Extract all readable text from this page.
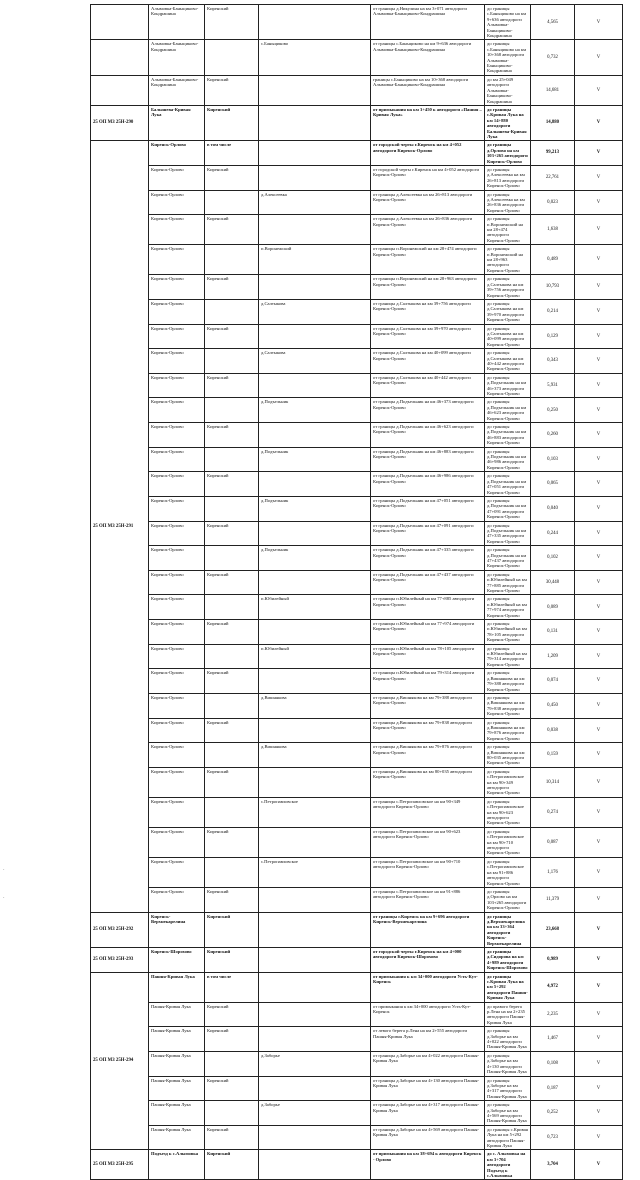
·
·
	Алымовка-Баньщиково-Кондрашина	Киренский		от границы д.Никулина на км 3+071 автодороги Алымовка-Баньщиково-Кондрашина	до границы с.Баньщиково на км 9+636 автодороги Алымовка-Баньщиково-Кондрашина	4,565	V	
	Алымовка-Баньщиково-Кондрашина		с.Баньщиково	от границы с.Баньщиково на км 9+636 автодороги Алымовка-Баньщиково-Кондрашина	до границы с.Баньщиково на км 10+368 автодороги Алымовка-Баньщиково-Кондрашина	0,732	V	
	Алымовка-Баньщиково-Кондрашина	Киренский		границы с.Баньщиково на км 10+368 автодороги Алымовка-Баньщиково-Кондрашина	до км 25+049 автодороги Алымовка-Баньщиково-Кондрашина	14,681	V	
25 ОП МЗ 25Н-290	Балышева-Кривая Лука	Киренский		от примыкания на км 3+450 к автодороги «Пашня – Кривая Лука»	до границы с.Кривая Лука на км 14+880 автодороги Балышева-Кривая Лука	14,880	V	
25 ОП МЗ 25Н-291	Киренск-Орлово	в том числе		от городской черты г.Киренск на км 4+052 автодороги Киренск-Орлово	до границы д.Орлово на км 103+265 автодороги Киренск-Орлово	99,213	V	
	Киренск-Орлово	Киренский		от городской черты г.Киренск на км 4+052 автодороги Киренск-Орлово	до границы д.Алексеевка на км 26+813 автодороги Киренск-Орлово	22,761	V	
	Киренск-Орлово		д.Алексеевка	от границы д.Алексеевка на км 26+813 автодороги Киренск-Орлово	до границы д.Алексеевка на км 26+836 автодороги Киренск-Орлово	0,023	V	
	Киренск-Орлово	Киренский		от границы д.Алексеевка на км 26+836 автодороги Киренск-Орлово	до границы п.Воронежский на км 28+474 автодороги Киренск-Орлово	1,638	V	
	Киренск-Орлово		п.Воронежский	от границы п.Воронежский на км 28+474 автодороги Киренск-Орлово	до границы п.Воронежский на км 28+963 автодороги Киренск-Орлово	0,489	V	
	Киренск-Орлово	Киренский		от границы п.Воронежский на км 28+963 автодороги Киренск-Орлово	до границы д.Салтыкова на км 39+756 автодороги Киренск-Орлово	10,793	V	
	Киренск-Орлово		д.Салтыкова	от границы д.Салтыкова на км 39+756 автодороги Киренск-Орлово	до границы д.Салтыкова на км 39+970 автодороги Киренск-Орлово	0,214	V	
	Киренск-Орлово	Киренский		от границы д.Салтыкова на км 39+970 автодороги Киренск-Орлово	до границы д.Салтыкова на км 40+099 автодороги Киренск-Орлово	0,129	V	
	Киренск-Орлово		д.Салтыкова	от границы д.Салтыкова на км 40+099 автодороги Киренск-Орлово	до границы д.Салтыкова на км 40+442 автодороги Киренск-Орлово	0,343	V	
	Киренск-Орлово	Киренский		от границы д.Салтыкова на км 40+442 автодороги Киренск-Орлово	до границы д.Подъельник на км 46+373 автодороги Киренск-Орлово	5,931	V	
	Киренск-Орлово		д.Подъельник	от границы д.Подъельник на км 46+373 автодороги Киренск-Орлово	до границы д.Подъельник на км 46+623 автодороги Киренск-Орлово	0,250	V	
	Киренск-Орлово	Киренский		от границы д.Подъельник на км 46+623 автодороги Киренск-Орлово	до границы д.Подъельник на км 46+883 автодороги Киренск-Орлово	0,260	V	
	Киренск-Орлово		д.Подъельник	от границы д.Подъельник на км 46+883 автодороги Киренск-Орлово	до границы д.Подъельник на км 46+986 автодороги Киренск-Орлово	0,103	V	
	Киренск-Орлово	Киренский		от границы д.Подъельник на км 46+986 автодороги Киренск-Орлово	до границы д.Подъельник на км 47+051 автодороги Киренск-Орлово	0,065	V	
	Киренск-Орлово		д.Подъельник	от границы д.Подъельник на км 47+051 автодороги Киренск-Орлово	до границы д.Подъельник на км 47+091 автодороги Киренск-Орлово	0,040	V	
	Киренск-Орлово	Киренский		от границы д.Подъельник на км 47+091 автодороги Киренск-Орлово	до границы д.Подъельник на км 47+335 автодороги Киренск-Орлово	0,244	V	
	Киренск-Орлово		д.Подъельник	от границы д.Подъельник на км 47+335 автодороги Киренск-Орлово	до границы д.Подъельник на км 47+437 автодороги Киренск-Орлово	0,102	V	
	Киренск-Орлово	Киренский		от границы д.Подъельник на км 47+437 автодороги Киренск-Орлово	до границы п.Юбилейный на км 77+885 автодороги Киренск-Орлово	30,448	V	
	Киренск-Орлово		п.Юбилейный	от границы п.Юбилейный на км 77+885 автодороги Киренск-Орлово	до границы п.Юбилейный на км 77+974 автодороги Киренск-Орлово	0,089	V	
	Киренск-Орлово	Киренский		от границы п.Юбилейный на км 77+974 автодороги Киренск-Орлово	до границы п.Юбилейный на км 78+105 автодороги Киренск-Орлово	0,131	V	
	Киренск-Орлово		п.Юбилейный	от границы п.Юбилейный на км 78+105 автодороги Киренск-Орлово	до границы п.Юбилейный на км 79+314 автодороги Киренск-Орлово	1,209	V	
	Киренск-Орлово	Киренский		от границы п.Юбилейный на км 79+314 автодороги Киренск-Орлово	до границы д.Вишнякова на км 79+388 автодороги Киренск-Орлово	0,074	V	
	Киренск-Орлово		д.Вишнякова	от границы д.Вишнякова на км 79+388 автодороги Киренск-Орлово	до границы д.Вишнякова на км 79+838 автодороги Киренск-Орлово	0,450	V	
	Киренск-Орлово	Киренский		от границы д.Вишнякова на км 79+838 автодороги Киренск-Орлово	до границы д.Вишнякова на км 79+876 автодороги Киренск-Орлово	0,038	V	
	Киренск-Орлово		д.Вишнякова	от границы д.Вишнякова на км 79+876 автодороги Киренск-Орлово	до границы д.Вишнякова на км 80+035 автодороги Киренск-Орлово	0,159	V	
	Киренск-Орлово	Киренский		от границы д.Вишнякова на км 80+035 автодороги Киренск-Орлово	до границы с.Петропавловское на км 90+349 автодороги Киренск-Орлово	10,314	V	
	Киренск-Орлово		с.Петропавловское	от границы с.Петропавловское на км 90+349 автодороги Киренск-Орлово	до границы с.Петропавловское на км 90+623 автодороги Киренск-Орлово	0,274	V	
	Киренск-Орлово	Киренский		от границы с.Петропавловское на км 90+623 автодороги Киренск-Орлово	до границы с.Петропавловское на км 90+710 автодороги Киренск-Орлово	0,087	V	
	Киренск-Орлово		с.Петропавловское	от границы с.Петропавловское на км 90+710 автодороги Киренск-Орлово	до границы с.Петропавловское на км 91+886 автодороги Киренск-Орлово	1,176	V	
	Киренск-Орлово	Киренский		от границы с.Петропавловское на км 91+886 автодороги Киренск-Орлово	до границы д.Орлово на км 103+265 автодороги Киренск-Орлово	11,379	V	
25 ОП МЗ 25Н-292	Киренск-Верхнекарелина	Киренский		от границы г.Киренск на км 9+696 автодороги Киренск-Верхнекарелина	до границы д.Верхнекарелина на км 33+364 автодороги Киренск-Верхнекарелина	23,668	V	
25 ОП МЗ 25Н-293	Киренск-Шорохово	Киренский		от городской черты г.Киренск на км 4+000 автодороги Киренск-Шорохово	до границы д.Сидорова на км 4+989 автодороги Киренск-Шорохово	0,989	V	
25 ОП МЗ 25Н-294	Пашня-Кривая Лука	в том числе		от примыкания к км 34+000 автодороги Усть-Кут-Киренск	до границы с.Кривая Лука на км 5+292 автодороги Пашня-Кривая Лука	4,972	V	
	Пашня-Кривая Лука	Киренский		от примыкания к км 34+000 автодороги Усть-Кут-Киренск	до правого берега р.Лена на км 2+235 автодороги Пашня-Кривая Лука	2,235	V	
	Пашня-Кривая Лука	Киренский		от левого берега р.Лена на км 2+555 автодороги Пашня-Кривая Лука	до границы д.Заборье на км 4+022 автодороги Пашня-Кривая Лука	1,467	V	
	Пашня-Кривая Лука		д.Заборье	от границы д.Заборье на км 4+022 автодороги Пашня-Кривая Лука	до границы д.Заборье на км 4+130 автодороги Пашня-Кривая Лука	0,108	V	
	Пашня-Кривая Лука	Киренский		от границы д.Заборье на км 4+130 автодороги Пашня-Кривая Лука	до границы д.Заборье на км 4+317 автодороги Пашня-Кривая Лука	0,187	V	
	Пашня-Кривая Лука		д.Заборье	от границы д.Заборье на км 4+317 автодороги Пашня-Кривая Лука	до границы д.Заборье на км 4+569 автодороги Пашня-Кривая Лука	0,252	V	
	Пашня-Кривая Лука	Киренский		от границы д.Заборье на км 4+569 автодороги Пашня-Кривая Лука	до границы с.Кривая Лука на км 5+292 автодороги Пашня-Кривая Лука	0,723	V	
25 ОП МЗ 25Н-295	Подъезд к с.Алымовка	Киренский		от примыкания на км 38+694 к автодороги Киренск - Орлово	до с. Алымовка на км 3+704 автодороги Подъезд к с.Алымовка	3,704	V	
